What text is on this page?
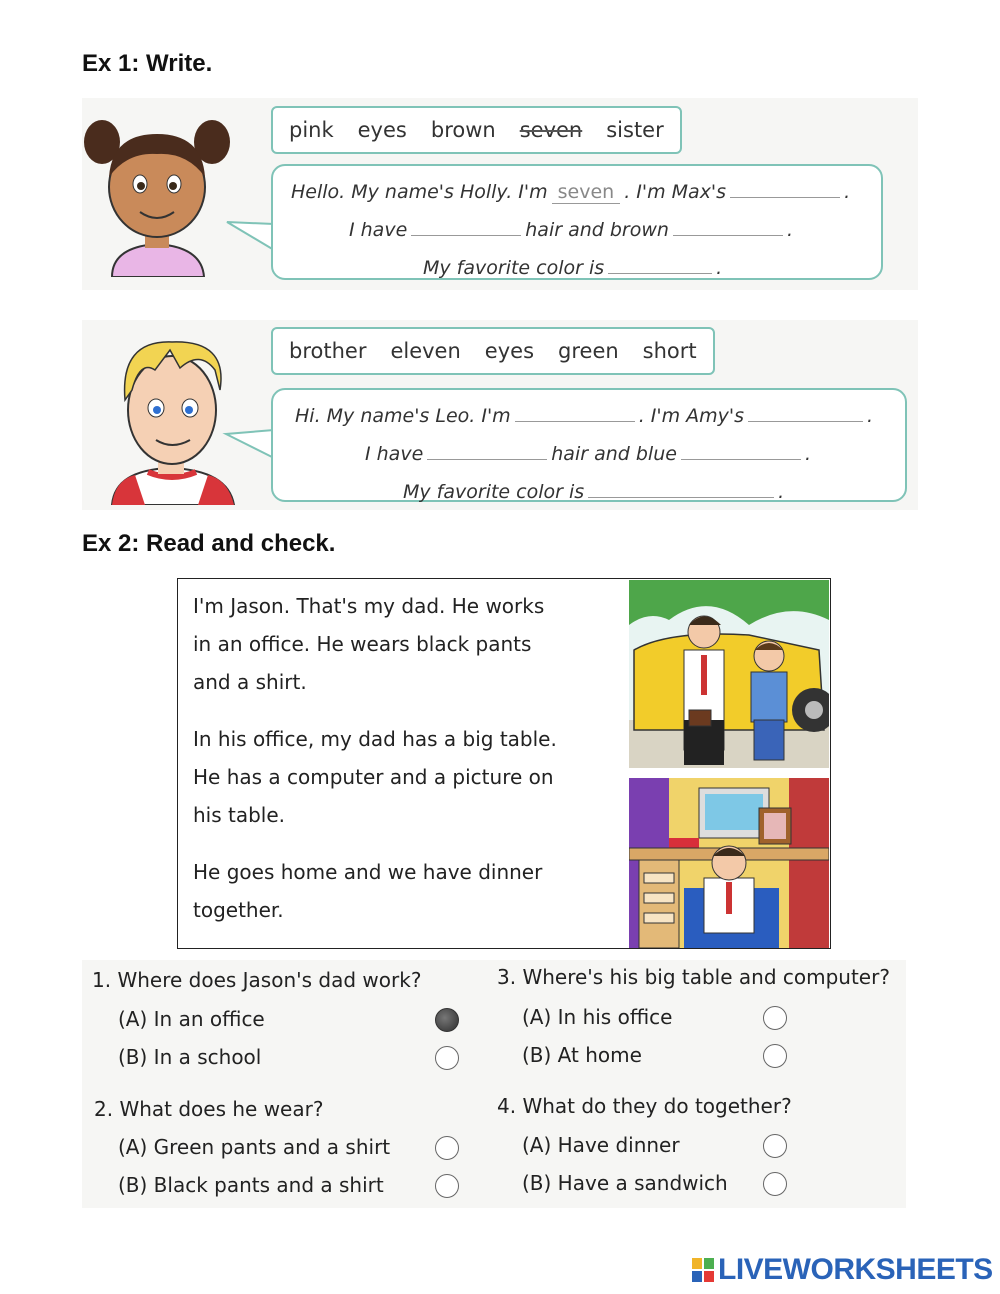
Ex 1: Write.
pink eyes brown seven sister
Hello. My name's Holly. I'm seven . I'm Max's	.
I have	hair and brown	.
My favorite color is	.
brother eleven eyes green short
Hi. My name's Leo. I'm	. I'm Amy's	.
I have	hair and blue	.
My favorite color is	.
Ex 2: Read and check.
I'm Jason. That's my dad. He works
in an office. He wears black pants
and a shirt.
In his office, my dad has a big table.
He has a computer and a picture on
his table.
He goes home and we have dinner
together.
1. Where does Jason's dad work?
(A) In an office
(B) In a school
2. What does he wear?
(A) Green pants and a shirt
(B) Black pants and a shirt
3. Where's his big table and computer?
(A) In his office
(B) At home
4. What do they do together?
(A) Have dinner
(B) Have a sandwich
LIVEWORKSHEETS
